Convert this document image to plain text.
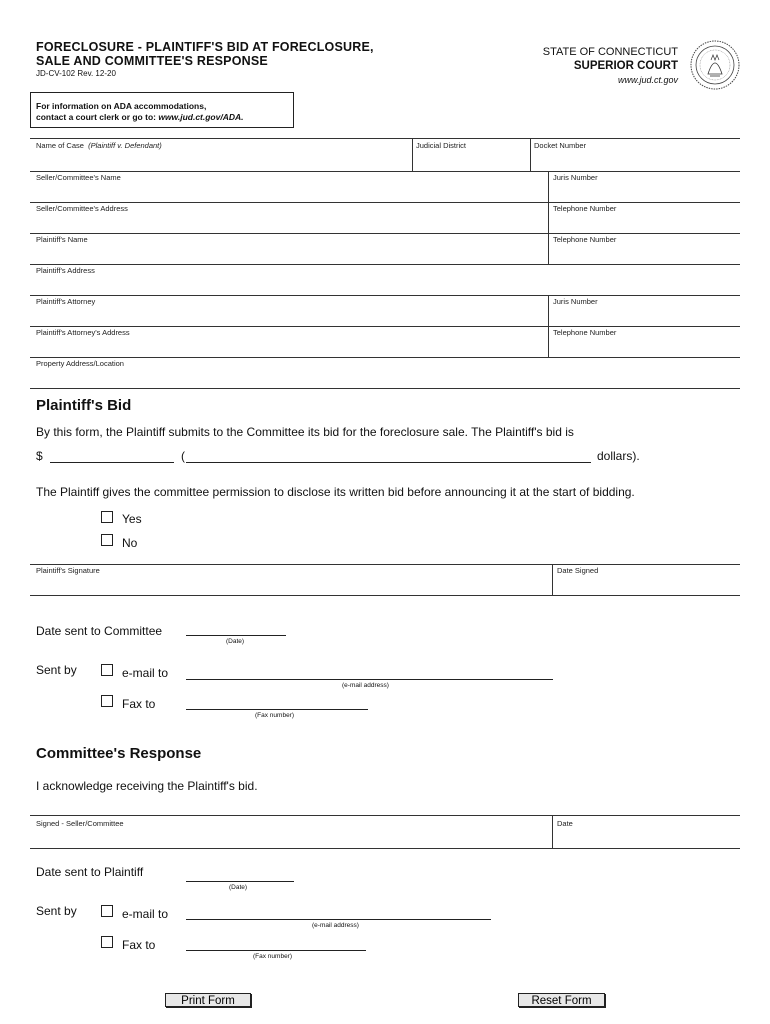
FORECLOSURE - PLAINTIFF'S BID AT FORECLOSURE,
SALE AND COMMITTEE'S RESPONSE
JD-CV-102 Rev. 12-20
STATE OF CONNECTICUT
SUPERIOR COURT
www.jud.ct.gov
For information on ADA accommodations,
contact a court clerk or go to: www.jud.ct.gov/ADA.
Name of Case (Plaintiff v. Defendant)	Judicial District	Docket Number
Seller/Committee's Name	Juris Number
Seller/Committee's Address	Telephone Number
Plaintiff's Name	Telephone Number
Plaintiff's Address
Plaintiff's Attorney	Juris Number
Plaintiff's Attorney's Address	Telephone Number
Property Address/Location
Plaintiff's Bid
By this form, the Plaintiff submits to the Committee its bid for the foreclosure sale. The Plaintiff's bid is
$	(	dollars).
The Plaintiff gives the committee permission to disclose its written bid before announcing it at the start of bidding.
Yes
No
Plaintiff's Signature	Date Signed
Date sent to Committee
(Date)
Sent by	e-mail to
(e-mail address)
Fax to
(Fax number)
Committee's Response
I acknowledge receiving the Plaintiff's bid.
Signed - Seller/Committee	Date
Date sent to Plaintiff
(Date)
Sent by	e-mail to
(e-mail address)
Fax to
(Fax number)
Print Form	Reset Form
